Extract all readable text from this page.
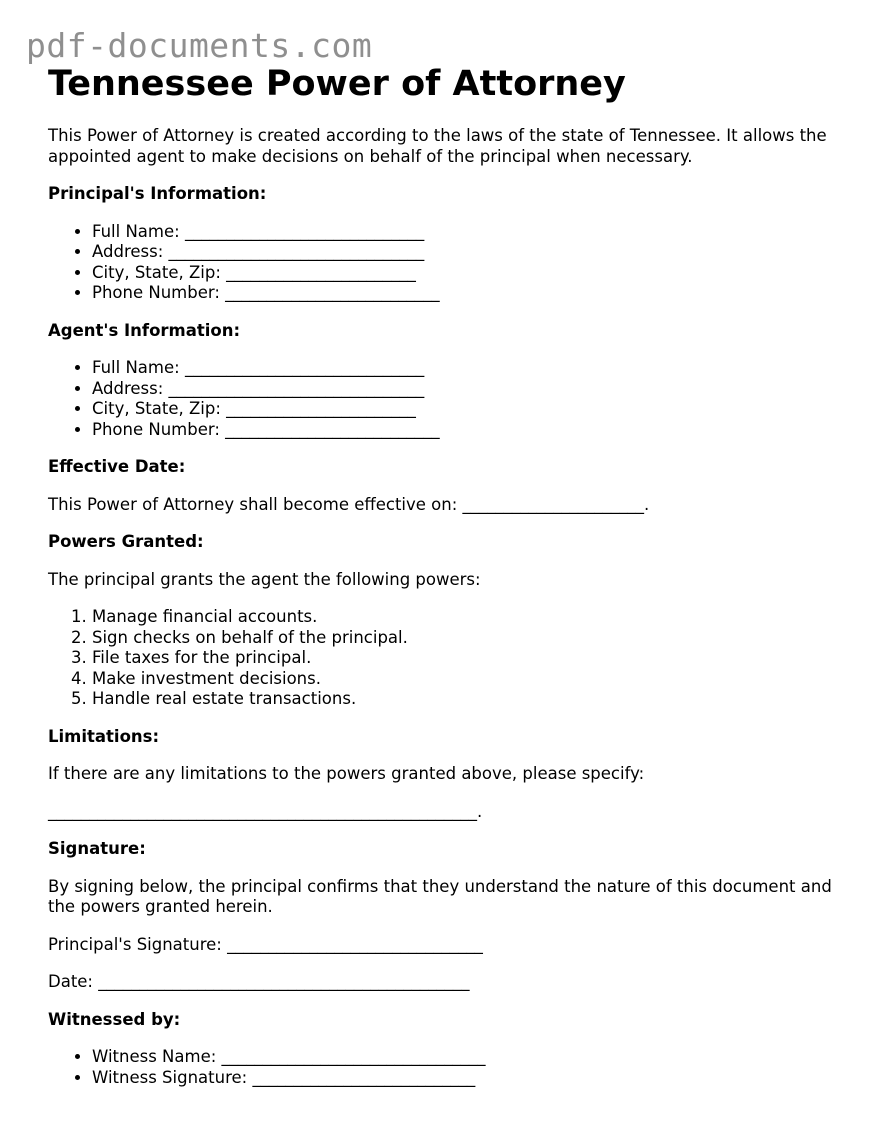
pdf-documents.com
Tennessee Power of Attorney

This Power of Attorney is created according to the laws of the state of Tennessee. It allows the appointed agent to make decisions on behalf of the principal when necessary.

Principal's Information:

• Full Name: _____________________________
• Address: _______________________________
• City, State, Zip: _______________________
• Phone Number: __________________________

Agent's Information:

• Full Name: _____________________________
• Address: _______________________________
• City, State, Zip: _______________________
• Phone Number: __________________________

Effective Date:

This Power of Attorney shall become effective on: ______________________.

Powers Granted:

The principal grants the agent the following powers:

1. Manage financial accounts.
2. Sign checks on behalf of the principal.
3. File taxes for the principal.
4. Make investment decisions.
5. Handle real estate transactions.

Limitations:

If there are any limitations to the powers granted above, please specify:

____________________________________________________.

Signature:

By signing below, the principal confirms that they understand the nature of this document and the powers granted herein.

Principal's Signature: _______________________________

Date: _____________________________________________

Witnessed by:

• Witness Name: ________________________________
• Witness Signature: ___________________________
